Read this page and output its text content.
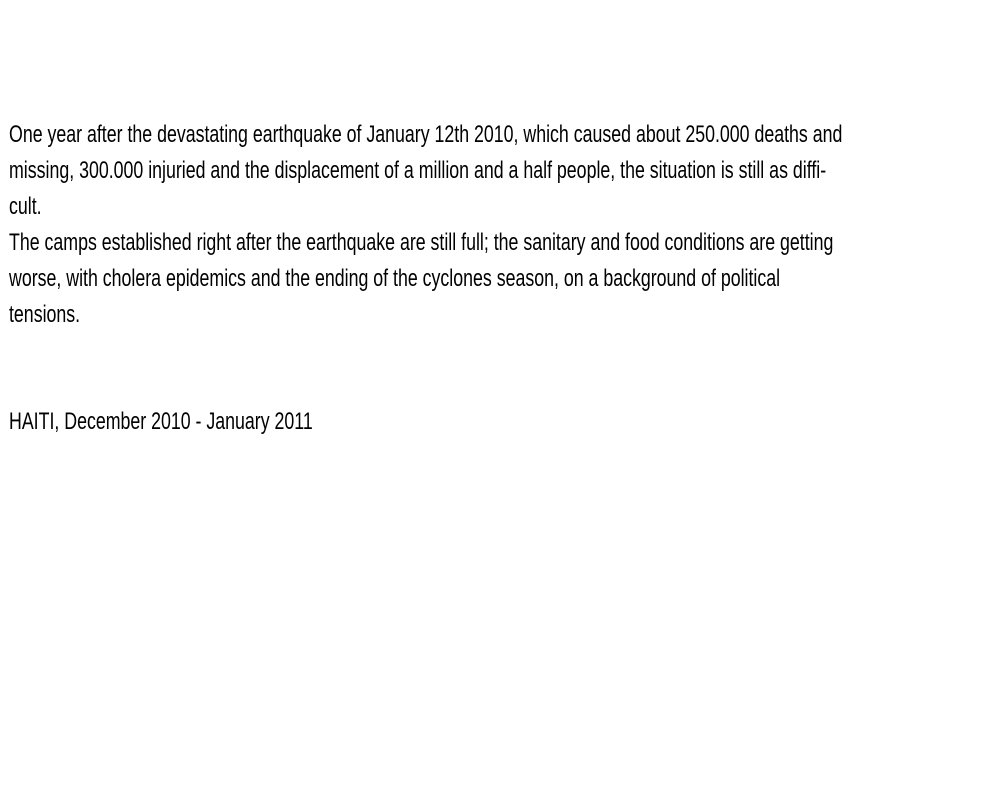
One year after the devastating earthquake of January 12th 2010, which caused about 250.000 deaths and
missing, 300.000 injuried and the displacement of a million and a half people, the situation is still as diffi-
cult.
The camps established right after the earthquake are still full; the sanitary and food conditions are getting
worse, with cholera epidemics and the ending of the cyclones season, on a background of political
tensions.
HAITI, December 2010 - January 2011
